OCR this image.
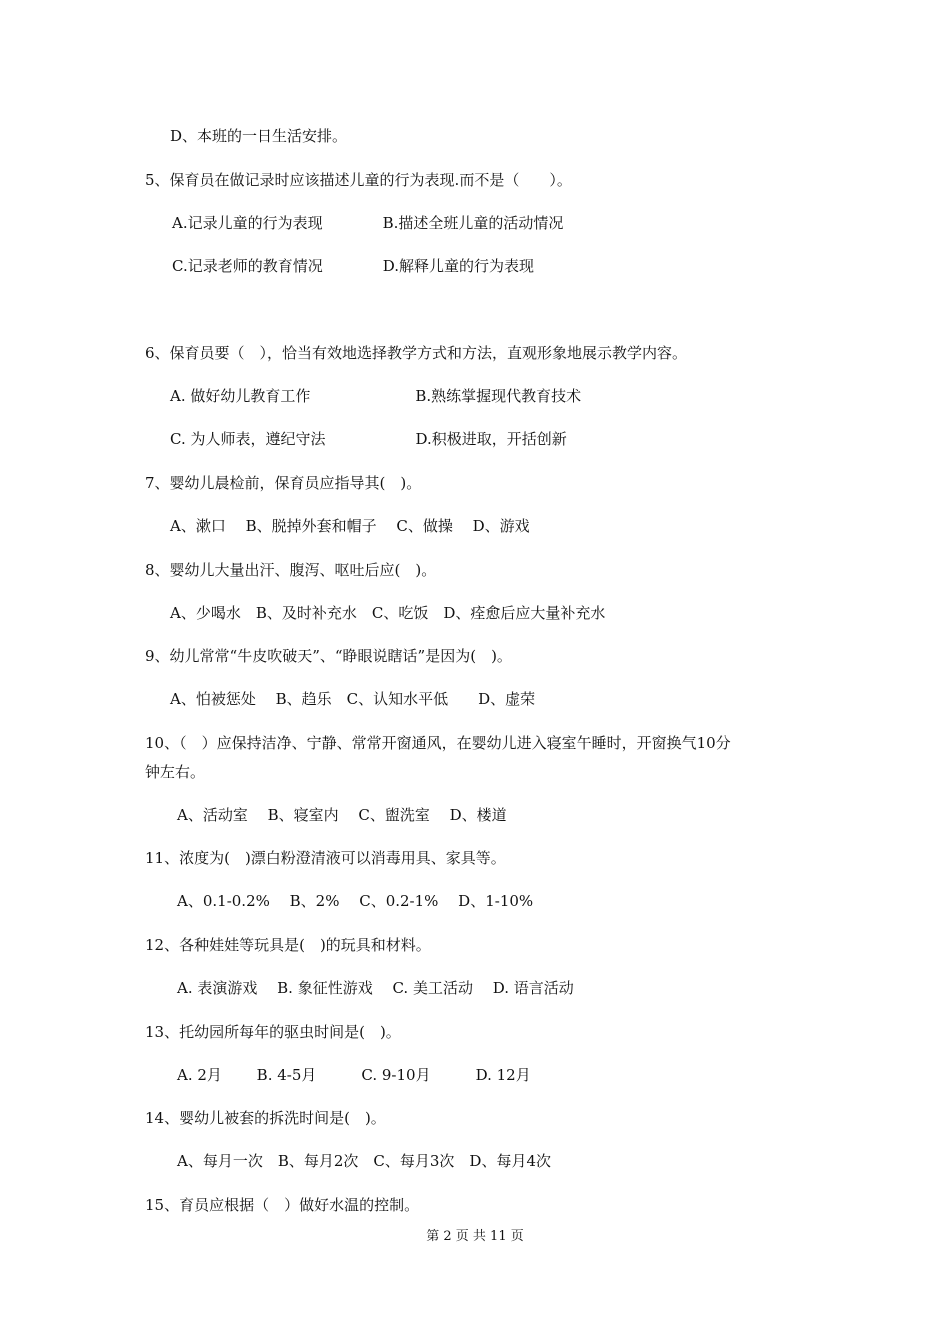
D、本班的一日生活安排。
5、保育员在做记录时应该描述儿童的行为表现.而不是（　　）。
A.记录儿童的行为表现　　　　B.描述全班儿童的活动情况
C.记录老师的教育情况　　　　D.解释儿童的行为表现
6、保育员要（　），恰当有效地选择教学方式和方法，直观形象地展示教学内容。
A. 做好幼儿教育工作　　　　　　　B.熟练掌握现代教育技术
C. 为人师表，遵纪守法　　　　　　D.积极进取，开括创新
7、婴幼儿晨检前，保育员应指导其(　)。
A、漱口　 B、脱掉外套和帽子　 C、做操　 D、游戏
8、婴幼儿大量出汗、腹泻、呕吐后应(　)。
A、少喝水　B、及时补充水　C、吃饭　D、痊愈后应大量补充水
9、幼儿常常“牛皮吹破天”、“睁眼说瞎话”是因为(　)。
A、怕被惩处　 B、趋乐　C、认知水平低　　D、虚荣
10、（　）应保持洁净、宁静、常常开窗通风，在婴幼儿进入寝室午睡时，开窗换气10分
钟左右。
A、活动室　 B、寝室内　 C、盥洗室　 D、楼道
11、浓度为(　)漂白粉澄清液可以消毒用具、家具等。
A、0.1-0.2%　 B、2%　 C、0.2-1%　 D、1-10%
12、各种娃娃等玩具是(　)的玩具和材料。
A. 表演游戏　 B. 象征性游戏　 C. 美工活动　 D. 语言活动
13、托幼园所每年的驱虫时间是(　)。
A. 2月　　 B. 4-5月　　　C. 9-10月　　　D. 12月
14、婴幼儿被套的拆洗时间是(　)。
A、每月一次　B、每月2次　C、每月3次　D、每月4次
15、育员应根据（　）做好水温的控制。
第 2 页 共 11 页
